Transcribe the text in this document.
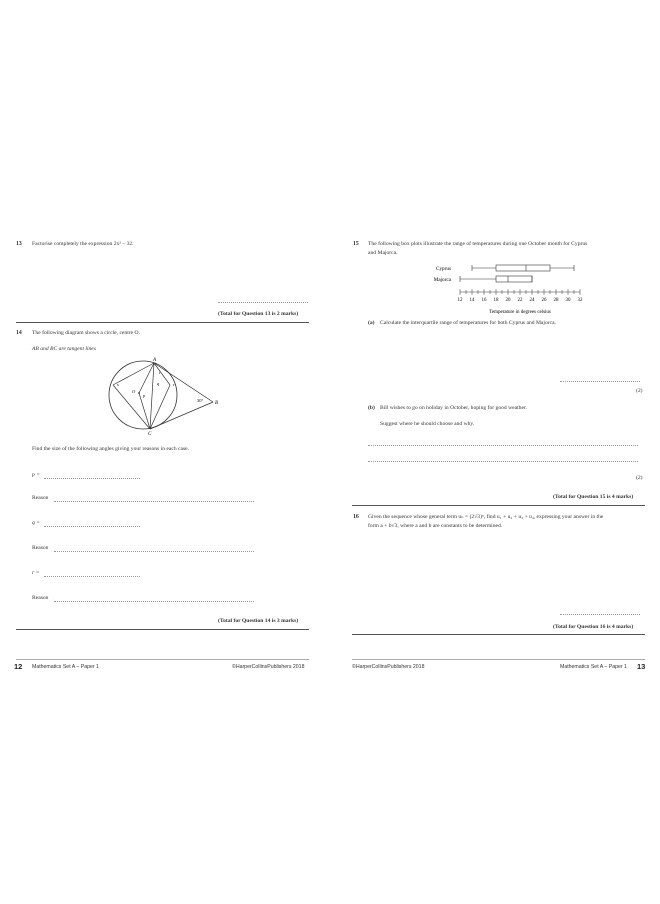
13 Factorise completely the expression 2x² – 32.
(Total for Question 13 is 2 marks)
14 The following diagram shows a circle, centre O.
AB and BC are tangent lines
A
B
C
O
p
q	r
s
t
30°
Find the size of the following angles giving your reasons in each case.
p =
Reason
q =
Reason
r =
Reason
(Total for Question 14 is 3 marks)
12 Mathematics Set A – Paper 1	©HarperCollinsPublishers 2018
15 The following box plots illustrate the range of temperatures during one October month for Cyprus
and Majorca.
Cyprus
Majorca
12 14 16 18 20 22 24 26 28 30 32
Temperature in degrees celsius
(a) Calculate the interquartile range of temperatures for both Cyprus and Majorca.
(2)
(b) Bill wishes to go on holiday in October, hoping for good weather.
Suggest where he should choose and why.
(2)
(Total for Question 15 is 4 marks)
16 Given the sequence whose general term uₙ = (2√3)ⁿ, find u₁ + u₂ + u₃ + u₄, expressing your answer in the
form a + b√3, where a and b are constants to be determined.
(Total for Question 16 is 4 marks)
©HarperCollinsPublishers 2018	Mathematics Set A – Paper 1 13
